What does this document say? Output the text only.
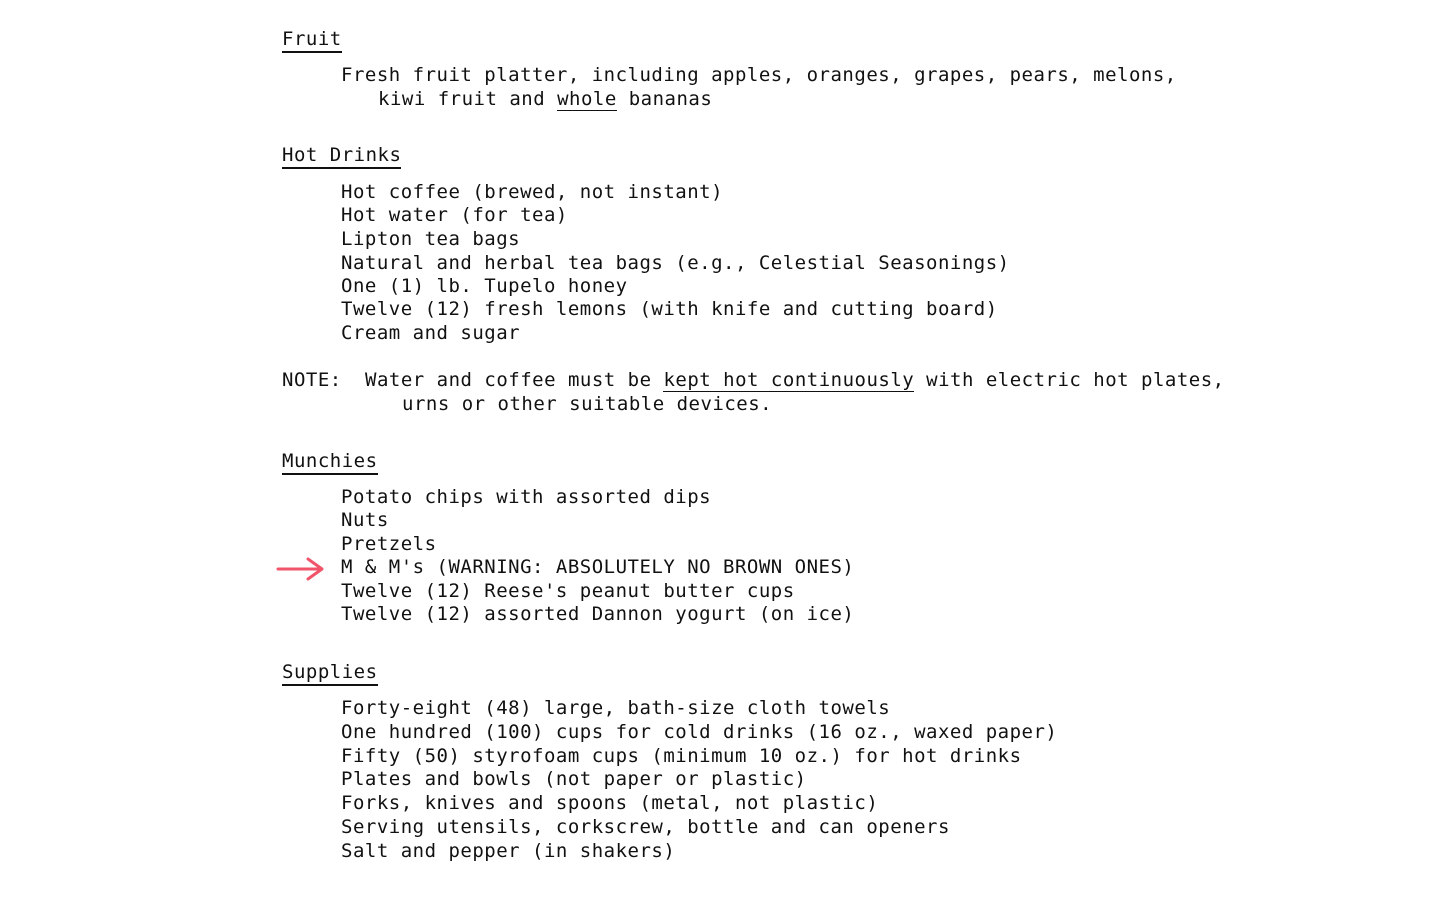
Fruit
Fresh fruit platter, including apples, oranges, grapes, pears, melons,
kiwi fruit and whole bananas
Hot Drinks
Hot coffee (brewed, not instant)
Hot water (for tea)
Lipton tea bags
Natural and herbal tea bags (e.g., Celestial Seasonings)
One (1) lb. Tupelo honey
Twelve (12) fresh lemons (with knife and cutting board)
Cream and sugar
NOTE: Water and coffee must be kept hot continuously with electric hot plates,
urns or other suitable devices.
Munchies
Potato chips with assorted dips
Nuts
Pretzels
M & M's (WARNING: ABSOLUTELY NO BROWN ONES)
Twelve (12) Reese's peanut butter cups
Twelve (12) assorted Dannon yogurt (on ice)
Supplies
Forty-eight (48) large, bath-size cloth towels
One hundred (100) cups for cold drinks (16 oz., waxed paper)
Fifty (50) styrofoam cups (minimum 10 oz.) for hot drinks
Plates and bowls (not paper or plastic)
Forks, knives and spoons (metal, not plastic)
Serving utensils, corkscrew, bottle and can openers
Salt and pepper (in shakers)
